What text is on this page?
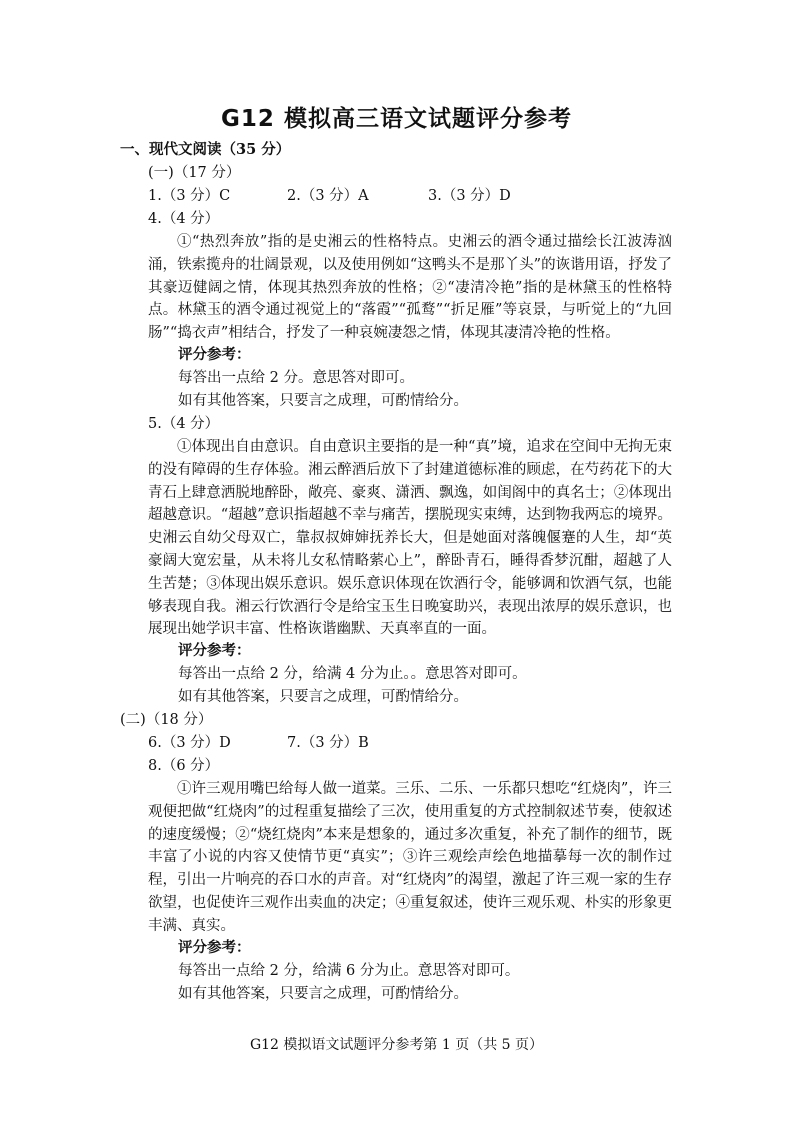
G12 模拟高三语文试题评分参考
一、现代文阅读（35 分）
(一)（17 分）
1.（3 分）C	2.（3 分）A	3.（3 分）D
4.（4 分）
①“热烈奔放”指的是史湘云的性格特点。史湘云的酒令通过描绘长江波涛汹涌，铁索揽舟的壮阔景观，以及使用例如“这鸭头不是那丫头”的诙谐用语，抒发了其豪迈健阔之情，体现其热烈奔放的性格；②“凄清冷艳”指的是林黛玉的性格特点。林黛玉的酒令通过视觉上的“落霞”“孤鹜”“折足雁”等哀景，与听觉上的“九回肠”“捣衣声”相结合，抒发了一种哀婉凄怨之情，体现其凄清冷艳的性格。
评分参考：
每答出一点给 2 分。意思答对即可。
如有其他答案，只要言之成理，可酌情给分。
5.（4 分）
①体现出自由意识。自由意识主要指的是一种“真”境，追求在空间中无拘无束的没有障碍的生存体验。湘云醉酒后放下了封建道德标准的顾虑，在芍药花下的大青石上肆意洒脱地醉卧，敞亮、豪爽、潇洒、飘逸，如闺阁中的真名士；②体现出超越意识。“超越”意识指超越不幸与痛苦，摆脱现实束缚，达到物我两忘的境界。史湘云自幼父母双亡，靠叔叔婶婶抚养长大，但是她面对落魄偃蹇的人生，却“英豪阔大宽宏量，从未将儿女私情略萦心上”，醉卧青石，睡得香梦沉酣，超越了人生苦楚；③体现出娱乐意识。娱乐意识体现在饮酒行令，能够调和饮酒气氛，也能够表现自我。湘云行饮酒行令是给宝玉生日晚宴助兴，表现出浓厚的娱乐意识，也展现出她学识丰富、性格诙谐幽默、天真率直的一面。
评分参考：
每答出一点给 2 分，给满 4 分为止。。意思答对即可。
如有其他答案，只要言之成理，可酌情给分。
(二)（18 分）
6.（3 分）D	7.（3 分）B
8.（6 分）
①许三观用嘴巴给每人做一道菜。三乐、二乐、一乐都只想吃“红烧肉”，许三观便把做“红烧肉”的过程重复描绘了三次，使用重复的方式控制叙述节奏，使叙述的速度缓慢；②“烧红烧肉”本来是想象的，通过多次重复，补充了制作的细节，既丰富了小说的内容又使情节更“真实”；③许三观绘声绘色地描摹每一次的制作过程，引出一片响亮的吞口水的声音。对“红烧肉”的渴望，激起了许三观一家的生存欲望，也促使许三观作出卖血的决定；④重复叙述，使许三观乐观、朴实的形象更丰满、真实。
评分参考：
每答出一点给 2 分，给满 6 分为止。意思答对即可。
如有其他答案，只要言之成理，可酌情给分。
G12 模拟语文试题评分参考第 1 页（共 5 页）
